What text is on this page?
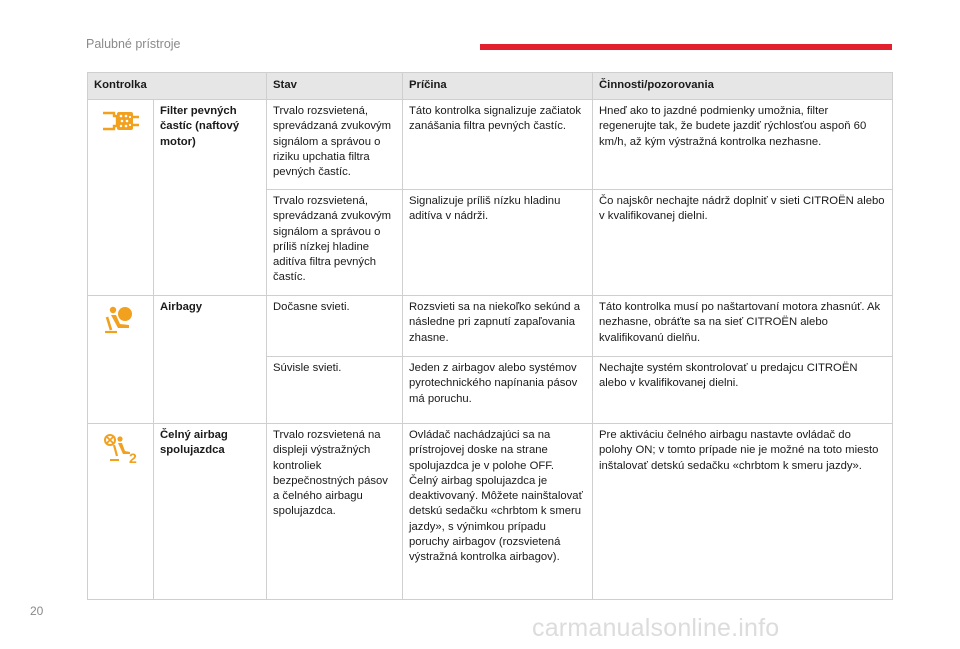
Palubné prístroje
Kontrolka		Stav	Príčina	Činnosti/pozorovania
	Filter pevných častíc (naftový motor)	Trvalo rozsvietená, sprevádzaná zvukovým signálom a správou o riziku upchatia filtra pevných častíc.	Táto kontrolka signalizuje začiatok zanášania filtra pevných častíc.	Hneď ako to jazdné podmienky umožnia, filter regenerujte tak, že budete jazdiť rýchlosťou aspoň 60 km/h, až kým výstražná kontrolka nezhasne.
		Trvalo rozsvietená, sprevádzaná zvukovým signálom a správou o príliš nízkej hladine aditíva filtra pevných častíc.	Signalizuje príliš nízku hladinu aditíva v nádrži.	Čo najskôr nechajte nádrž doplniť v sieti CITROËN alebo v kvalifikovanej dielni.
	Airbagy	Dočasne svieti.	Rozsvieti sa na niekoľko sekúnd a následne pri zapnutí zapaľovania zhasne.	Táto kontrolka musí po naštartovaní motora zhasnúť. Ak nezhasne, obráťte sa na sieť CITROËN alebo kvalifikovanú dielňu.
		Súvisle svieti.	Jeden z airbagov alebo systémov pyrotechnického napínania pásov má poruchu.	Nechajte systém skontrolovať u predajcu CITROËN alebo v kvalifikovanej dielni.

2	Čelný airbag spolujazdca	Trvalo rozsvietená na displeji výstražných kontroliek bezpečnostných pásov a čelného airbagu spolujazdca.	Ovládač nachádzajúci sa na prístrojovej doske na strane spolujazdca je v polohe OFF. Čelný airbag spolujazdca je deaktivovaný. Môžete nainštalovať detskú sedačku «chrbtom k smeru jazdy», s výnimkou prípadu poruchy airbagov (rozsvietená výstražná kontrolka airbagov).	Pre aktiváciu čelného airbagu nastavte ovládač do polohy ON; v tomto prípade nie je možné na toto miesto inštalovať detskú sedačku «chrbtom k smeru jazdy».
20
carmanualsonline.info
